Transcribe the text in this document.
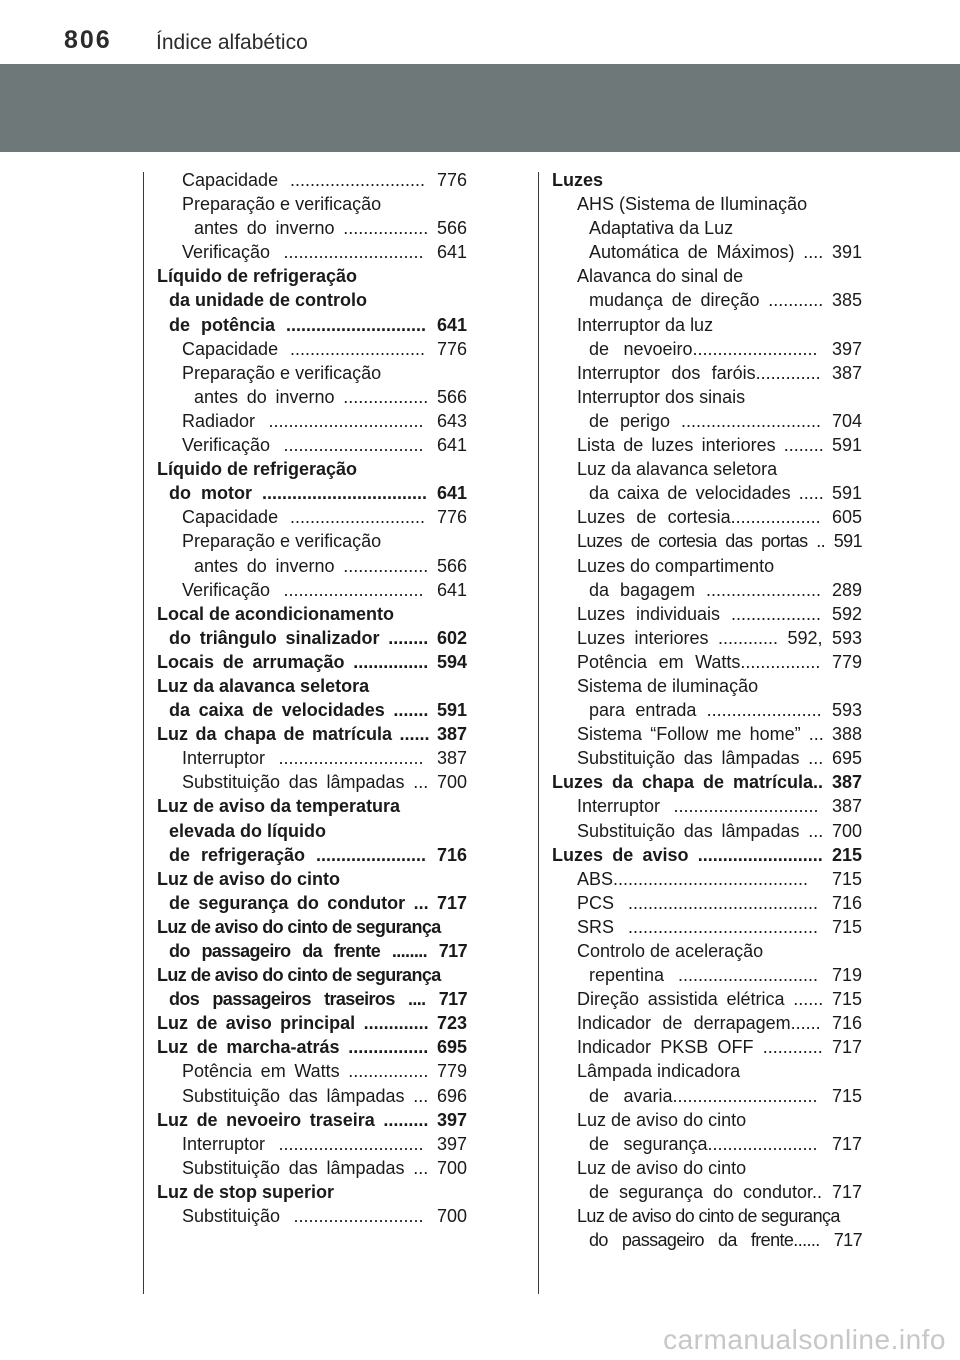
806 Índice alfabético
Capacidade ........................... 776
Preparação e verificação
antes do inverno ................. 566
Verificação ............................ 641
Líquido de refrigeração
da unidade de controlo
de potência ............................ 641
Capacidade ........................... 776
Preparação e verificação
antes do inverno ................. 566
Radiador ............................... 643
Verificação ............................ 641
Líquido de refrigeração
do motor ................................. 641
Capacidade ........................... 776
Preparação e verificação
antes do inverno ................. 566
Verificação ............................ 641
Local de acondicionamento
do triângulo sinalizador ........ 602
Locais de arrumação ............... 594
Luz da alavanca seletora
da caixa de velocidades ....... 591
Luz da chapa de matrícula ...... 387
Interruptor ............................. 387
Substituição das lâmpadas ... 700
Luz de aviso da temperatura
elevada do líquido
de refrigeração ...................... 716
Luz de aviso do cinto
de segurança do condutor ... 717
Luz de aviso do cinto de segurança
do passageiro da frente ........ 717
Luz de aviso do cinto de segurança
dos passageiros traseiros .... 717
Luz de aviso principal ............. 723
Luz de marcha-atrás ................ 695
Potência em Watts ................ 779
Substituição das lâmpadas ... 696
Luz de nevoeiro traseira ......... 397
Interruptor ............................. 397
Substituição das lâmpadas ... 700
Luz de stop superior
Substituição .......................... 700
Luzes
AHS (Sistema de Iluminação
Adaptativa da Luz
Automática de Máximos) .... 391
Alavanca do sinal de
mudança de direção ........... 385
Interruptor da luz
de nevoeiro......................... 397
Interruptor dos faróis............. 387
Interruptor dos sinais
de perigo ............................ 704
Lista de luzes interiores ........ 591
Luz da alavanca seletora
da caixa de velocidades ..... 591
Luzes de cortesia.................. 605
Luzes de cortesia das portas .. 591
Luzes do compartimento
da bagagem ....................... 289
Luzes individuais .................. 592
Luzes interiores ............ 592, 593
Potência em Watts................ 779
Sistema de iluminação
para entrada ....................... 593
Sistema “Follow me home” ... 388
Substituição das lâmpadas ... 695
Luzes da chapa de matrícula.. 387
Interruptor ............................. 387
Substituição das lâmpadas ... 700
Luzes de aviso ......................... 215
ABS....................................... 715
PCS ...................................... 716
SRS ...................................... 715
Controlo de aceleração
repentina ............................ 719
Direção assistida elétrica ...... 715
Indicador de derrapagem...... 716
Indicador PKSB OFF ............ 717
Lâmpada indicadora
de avaria............................. 715
Luz de aviso do cinto
de segurança...................... 717
Luz de aviso do cinto
de segurança do condutor.. 717
Luz de aviso do cinto de segurança
do passageiro da frente...... 717
carmanualsonline.info
